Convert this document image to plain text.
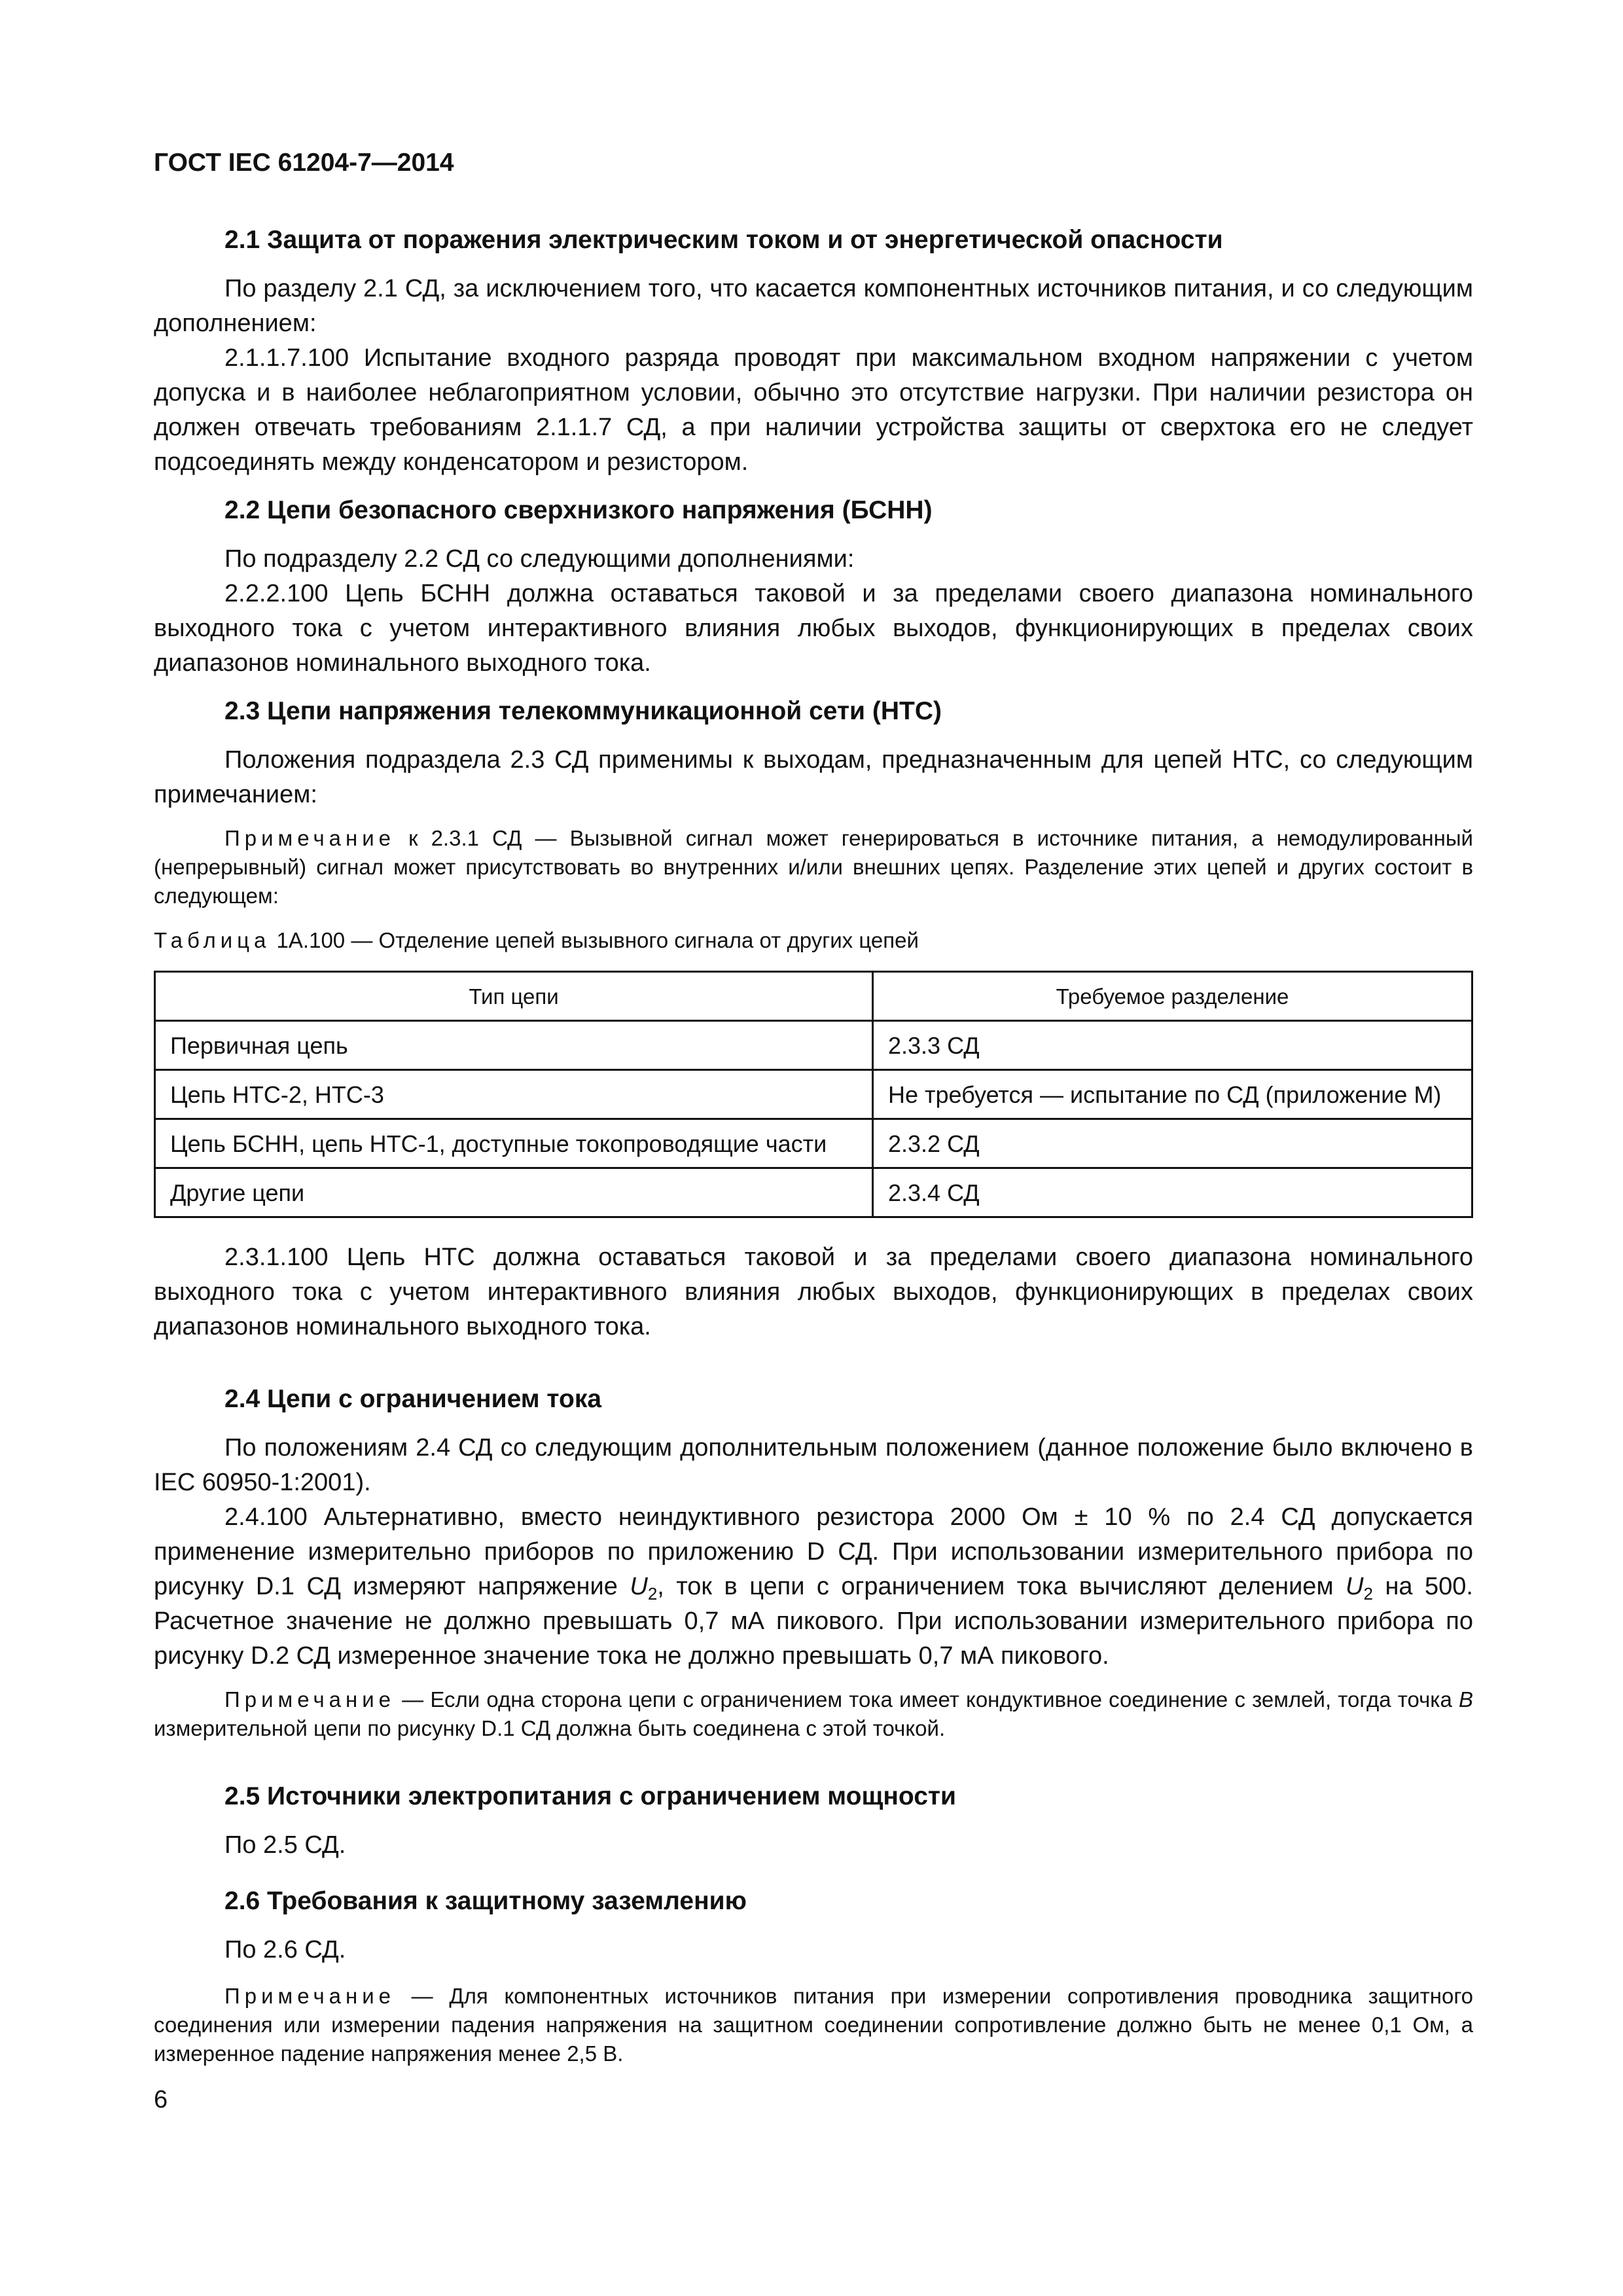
ГОСТ IEC 61204-7—2014
2.1 Защита от поражения электрическим током и от энергетической опасности

По разделу 2.1 СД, за исключением того, что касается компонентных источников питания, и со следующим дополнением:

2.1.1.7.100 Испытание входного разряда проводят при максимальном входном напряжении с учетом допуска и в наиболее неблагоприятном условии, обычно это отсутствие нагрузки. При наличии резистора он должен отвечать требованиям 2.1.1.7 СД, а при наличии устройства защиты от сверхтока его не следует подсоединять между конденсатором и резистором.

2.2 Цепи безопасного сверхнизкого напряжения (БСНН)

По подразделу 2.2 СД со следующими дополнениями:

2.2.2.100 Цепь БСНН должна оставаться таковой и за пределами своего диапазона номинального выходного тока с учетом интерактивного влияния любых выходов, функционирующих в пределах своих диапазонов номинального выходного тока.

2.3 Цепи напряжения телекоммуникационной сети (НТС)

Положения подраздела 2.3 СД применимы к выходам, предназначенным для цепей НТС, со следующим примечанием:

Примечание к 2.3.1 СД — Вызывной сигнал может генерироваться в источнике питания, а немодулированный (непрерывный) сигнал может присутствовать во внутренних и/или внешних цепях. Разделение этих цепей и других состоит в следующем:

Таблица 1А.100 — Отделение цепей вызывного сигнала от других цепей
Тип цепи	Требуемое разделение
Первичная цепь	2.3.3 СД
Цепь НТС-2, НТС-3	Не требуется — испытание по СД (приложение М)
Цепь БСНН, цепь НТС-1, доступные токопроводящие части	2.3.2 СД
Другие цепи	2.3.4 СД

2.3.1.100 Цепь НТС должна оставаться таковой и за пределами своего диапазона номинального выходного тока с учетом интерактивного влияния любых выходов, функционирующих в пределах своих диапазонов номинального выходного тока.

2.4 Цепи с ограничением тока

По положениям 2.4 СД со следующим дополнительным положением (данное положение было включено в IEC 60950-1:2001).

2.4.100 Альтернативно, вместо неиндуктивного резистора 2000 Ом ± 10 % по 2.4 СД допускается применение измерительно приборов по приложению D СД. При использовании измерительного прибора по рисунку D.1 СД измеряют напряжение $U_2$, ток в цепи с ограничением тока вычисляют делением $U_2$ на 500. Расчетное значение не должно превышать 0,7 мА пикового. При использовании измерительного прибора по рисунку D.2 СД измеренное значение тока не должно превышать 0,7 мА пикового.

Примечание — Если одна сторона цепи с ограничением тока имеет кондуктивное соединение с землей, тогда точка B измерительной цепи по рисунку D.1 СД должна быть соединена с этой точкой.

2.5 Источники электропитания с ограничением мощности

По 2.5 СД.

2.6 Требования к защитному заземлению

По 2.6 СД.

Примечание — Для компонентных источников питания при измерении сопротивления проводника защитного соединения или измерении падения напряжения на защитном соединении сопротивление должно быть не менее 0,1 Ом, а измеренное падение напряжения менее 2,5 В.

6
